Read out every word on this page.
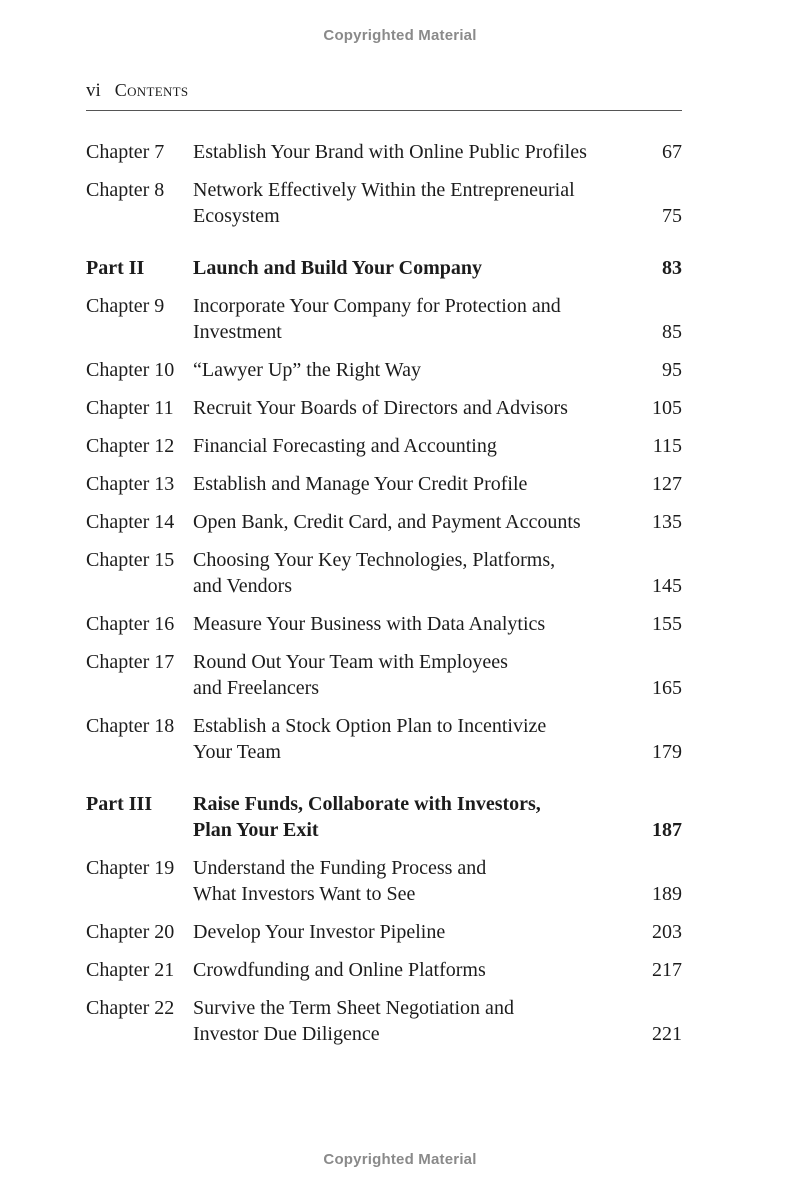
Copyrighted Material
vi Contents
Chapter 7	Establish Your Brand with Online Public Profiles	67
Chapter 8	Network Effectively Within the Entrepreneurial
Ecosystem	75
Part II	Launch and Build Your Company	83
Chapter 9	Incorporate Your Company for Protection and
Investment	85
Chapter 10 “Lawyer Up” the Right Way	95
Chapter 11 Recruit Your Boards of Directors and Advisors	105
Chapter 12 Financial Forecasting and Accounting	115
Chapter 13 Establish and Manage Your Credit Profile	127
Chapter 14 Open Bank, Credit Card, and Payment Accounts	135
Chapter 15 Choosing Your Key Technologies, Platforms,
and Vendors	145
Chapter 16 Measure Your Business with Data Analytics	155
Chapter 17 Round Out Your Team with Employees
and Freelancers	165
Chapter 18 Establish a Stock Option Plan to Incentivize
Your Team	179
Part III	Raise Funds, Collaborate with Investors,
Plan Your Exit	187
Chapter 19 Understand the Funding Process and
What Investors Want to See	189
Chapter 20 Develop Your Investor Pipeline	203
Chapter 21 Crowdfunding and Online Platforms	217
Chapter 22 Survive the Term Sheet Negotiation and
Investor Due Diligence	221
Copyrighted Material
